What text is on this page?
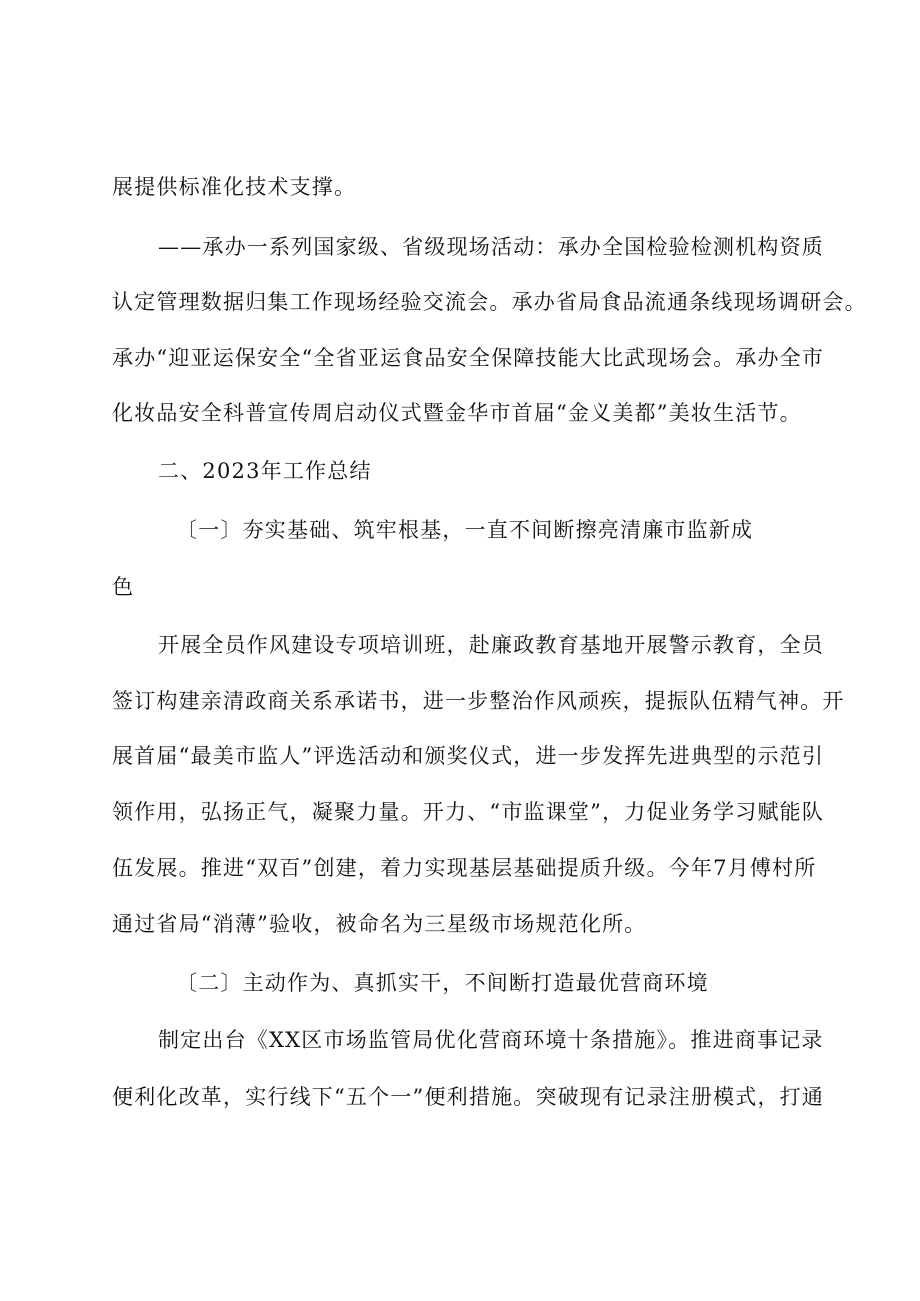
展提供标准化技术支撑。
——承办一系列国家级、省级现场活动：承办全国检验检测机构资质
认定管理数据归集工作现场经验交流会。承办省局食品流通条线现场调研会。
承办“迎亚运保安全“全省亚运食品安全保障技能大比武现场会。承办全市
化妆品安全科普宣传周启动仪式暨金华市首届“金义美都”美妆生活节。
二、2023年工作总结
〔一〕夯实基础、筑牢根基，一直不间断擦亮清廉市监新成
色
开展全员作风建设专项培训班，赴廉政教育基地开展警示教育，全员
签订构建亲清政商关系承诺书，进一步整治作风顽疾，提振队伍精气神。开
展首届“最美市监人”评选活动和颁奖仪式，进一步发挥先进典型的示范引
领作用，弘扬正气，凝聚力量。开力、“市监课堂”，力促业务学习赋能队
伍发展。推进“双百”创建，着力实现基层基础提质升级。今年7月傅村所
通过省局“消薄”验收，被命名为三星级市场规范化所。
〔二〕主动作为、真抓实干，不间断打造最优营商环境
制定出台《XX区市场监管局优化营商环境十条措施》。推进商事记录
便利化改革，实行线下“五个一”便利措施。突破现有记录注册模式，打通
